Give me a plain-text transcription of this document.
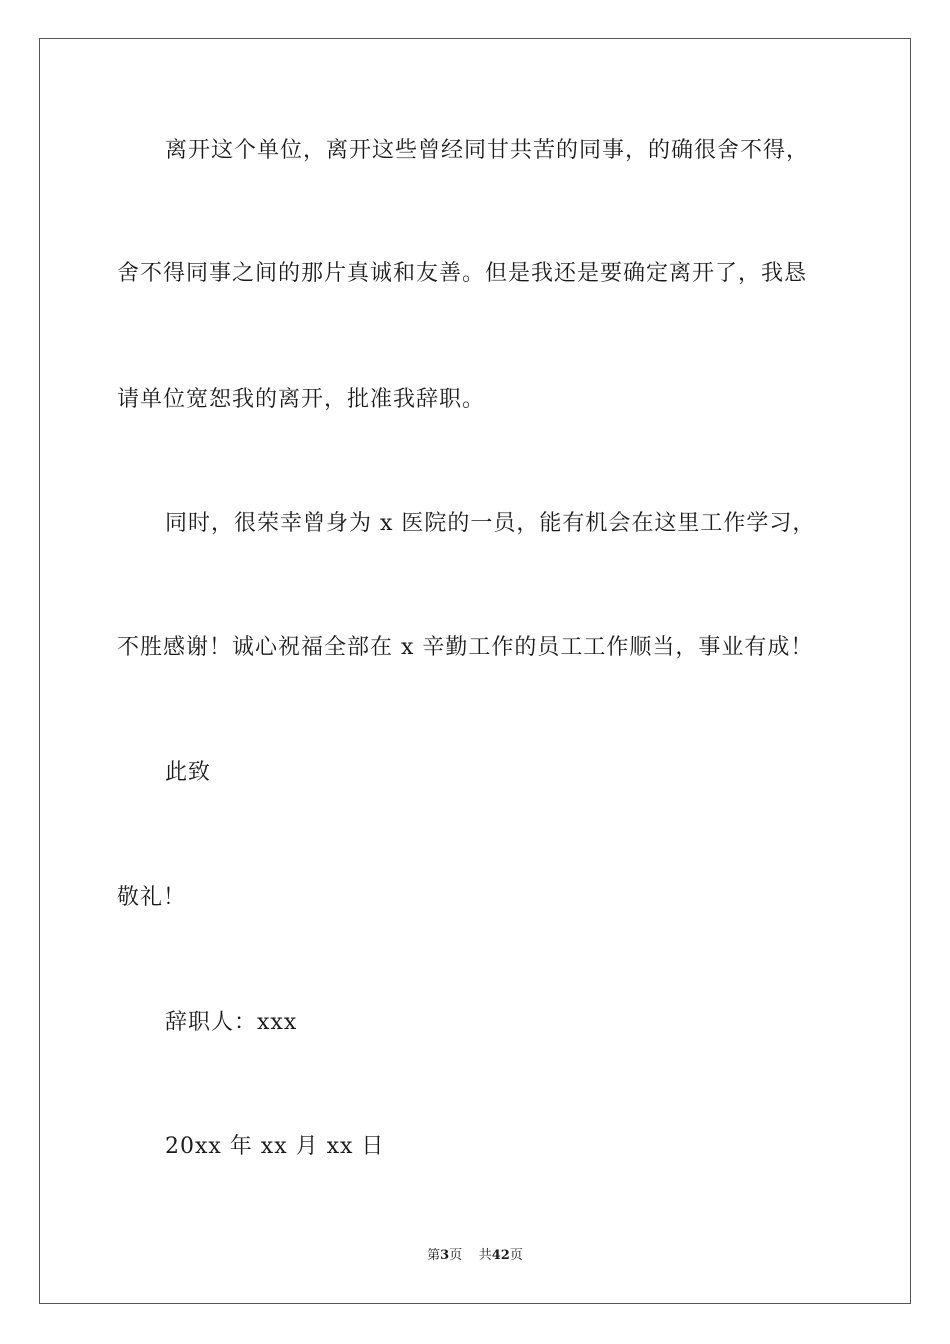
离开这个单位，离开这些曾经同甘共苦的同事，的确很舍不得，
舍不得同事之间的那片真诚和友善。但是我还是要确定离开了，我恳
请单位宽恕我的离开，批准我辞职。
同时，很荣幸曾身为 x 医院的一员，能有机会在这里工作学习，
不胜感谢！诚心祝福全部在 x 辛勤工作的员工工作顺当，事业有成！
此致
敬礼！
辞职人：xxx
20xx 年 xx 月 xx 日
第3页 共42页
